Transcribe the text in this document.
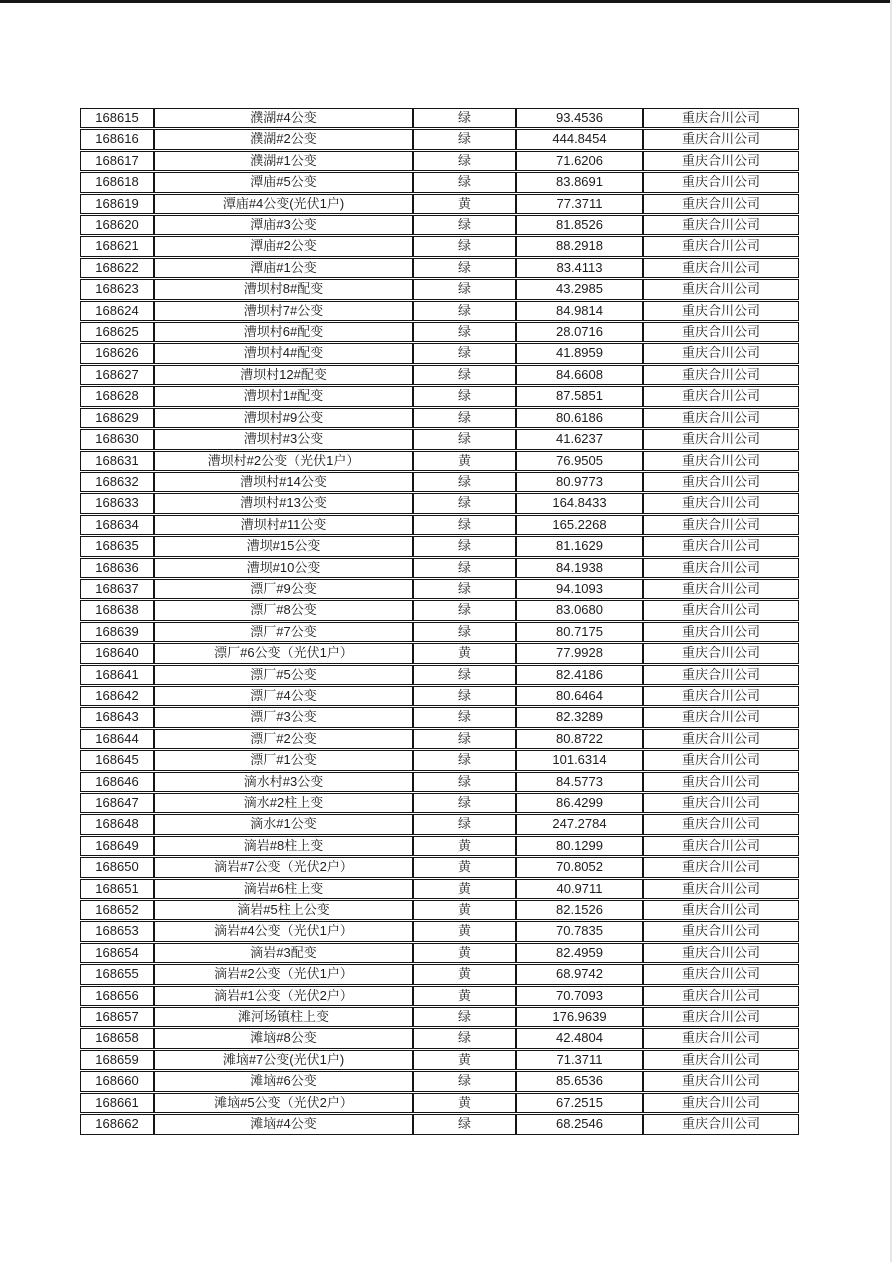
168615	濮湖#4公变	绿	93.4536	重庆合川公司
168616	濮湖#2公变	绿	444.8454	重庆合川公司
168617	濮湖#1公变	绿	71.6206	重庆合川公司
168618	潭庙#5公变	绿	83.8691	重庆合川公司
168619	潭庙#4公变(光伏1户)	黄	77.3711	重庆合川公司
168620	潭庙#3公变	绿	81.8526	重庆合川公司
168621	潭庙#2公变	绿	88.2918	重庆合川公司
168622	潭庙#1公变	绿	83.4113	重庆合川公司
168623	漕坝村8#配变	绿	43.2985	重庆合川公司
168624	漕坝村7#公变	绿	84.9814	重庆合川公司
168625	漕坝村6#配变	绿	28.0716	重庆合川公司
168626	漕坝村4#配变	绿	41.8959	重庆合川公司
168627	漕坝村12#配变	绿	84.6608	重庆合川公司
168628	漕坝村1#配变	绿	87.5851	重庆合川公司
168629	漕坝村#9公变	绿	80.6186	重庆合川公司
168630	漕坝村#3公变	绿	41.6237	重庆合川公司
168631	漕坝村#2公变（光伏1户）	黄	76.9505	重庆合川公司
168632	漕坝村#14公变	绿	80.9773	重庆合川公司
168633	漕坝村#13公变	绿	164.8433	重庆合川公司
168634	漕坝村#11公变	绿	165.2268	重庆合川公司
168635	漕坝#15公变	绿	81.1629	重庆合川公司
168636	漕坝#10公变	绿	84.1938	重庆合川公司
168637	漂厂#9公变	绿	94.1093	重庆合川公司
168638	漂厂#8公变	绿	83.0680	重庆合川公司
168639	漂厂#7公变	绿	80.7175	重庆合川公司
168640	漂厂#6公变（光伏1户）	黄	77.9928	重庆合川公司
168641	漂厂#5公变	绿	82.4186	重庆合川公司
168642	漂厂#4公变	绿	80.6464	重庆合川公司
168643	漂厂#3公变	绿	82.3289	重庆合川公司
168644	漂厂#2公变	绿	80.8722	重庆合川公司
168645	漂厂#1公变	绿	101.6314	重庆合川公司
168646	滴水村#3公变	绿	84.5773	重庆合川公司
168647	滴水#2柱上变	绿	86.4299	重庆合川公司
168648	滴水#1公变	绿	247.2784	重庆合川公司
168649	滴岩#8柱上变	黄	80.1299	重庆合川公司
168650	滴岩#7公变（光伏2户）	黄	70.8052	重庆合川公司
168651	滴岩#6柱上变	黄	40.9711	重庆合川公司
168652	滴岩#5柱上公变	黄	82.1526	重庆合川公司
168653	滴岩#4公变（光伏1户）	黄	70.7835	重庆合川公司
168654	滴岩#3配变	黄	82.4959	重庆合川公司
168655	滴岩#2公变（光伏1户）	黄	68.9742	重庆合川公司
168656	滴岩#1公变（光伏2户）	黄	70.7093	重庆合川公司
168657	滩河场镇柱上变	绿	176.9639	重庆合川公司
168658	滩垴#8公变	绿	42.4804	重庆合川公司
168659	滩垴#7公变(光伏1户)	黄	71.3711	重庆合川公司
168660	滩垴#6公变	绿	85.6536	重庆合川公司
168661	滩垴#5公变（光伏2户）	黄	67.2515	重庆合川公司
168662	滩垴#4公变	绿	68.2546	重庆合川公司
